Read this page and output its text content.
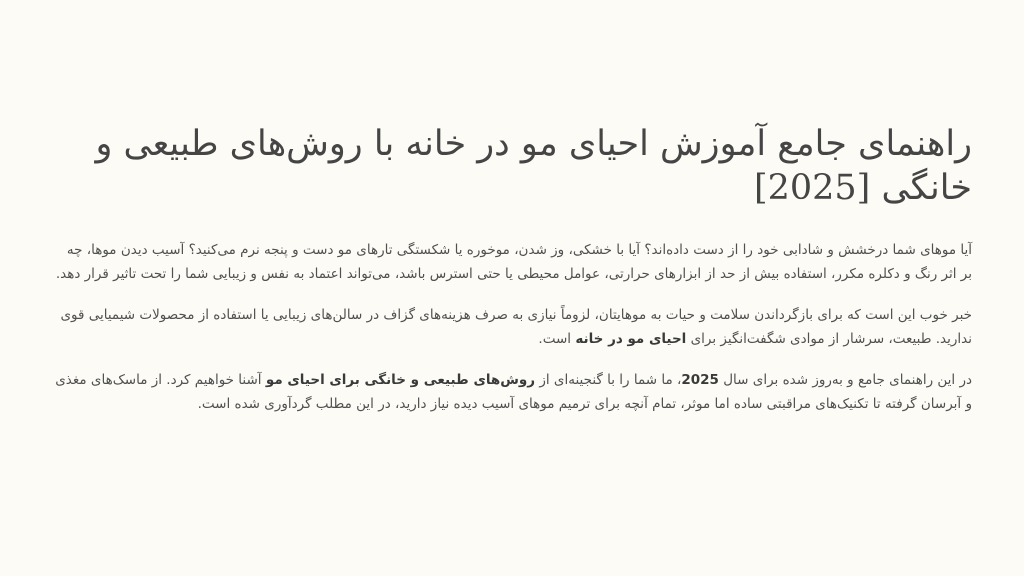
راهنمای جامع آموزش احیای مو در خانه با روش‌های طبیعی و خانگی [2025]

آیا موهای شما درخشش و شادابی خود را از دست داده‌اند؟ آیا با خشکی، وز شدن، موخوره یا شکستگی تارهای مو دست و پنجه نرم می‌کنید؟ آسیب دیدن موها، چه بر اثر رنگ و دکلره مکرر، استفاده بیش از حد از ابزارهای حرارتی، عوامل محیطی یا حتی استرس باشد، می‌تواند اعتماد به نفس و زیبایی شما را تحت تاثیر قرار دهد.

خبر خوب این است که برای بازگرداندن سلامت و حیات به موهایتان، لزوماً نیازی به صرف هزینه‌های گزاف در سالن‌های زیبایی یا استفاده از محصولات شیمیایی قوی ندارید. طبیعت، سرشار از موادی شگفت‌انگیز برای احیای مو در خانه است.

در این راهنمای جامع و به‌روز شده برای سال 2025، ما شما را با گنجینه‌ای از روش‌های طبیعی و خانگی برای احیای مو آشنا خواهیم کرد. از ماسک‌های مغذی و آبرسان گرفته تا تکنیک‌های مراقبتی ساده اما موثر، تمام آنچه برای ترمیم موهای آسیب دیده نیاز دارید، در این مطلب گردآوری شده است.
